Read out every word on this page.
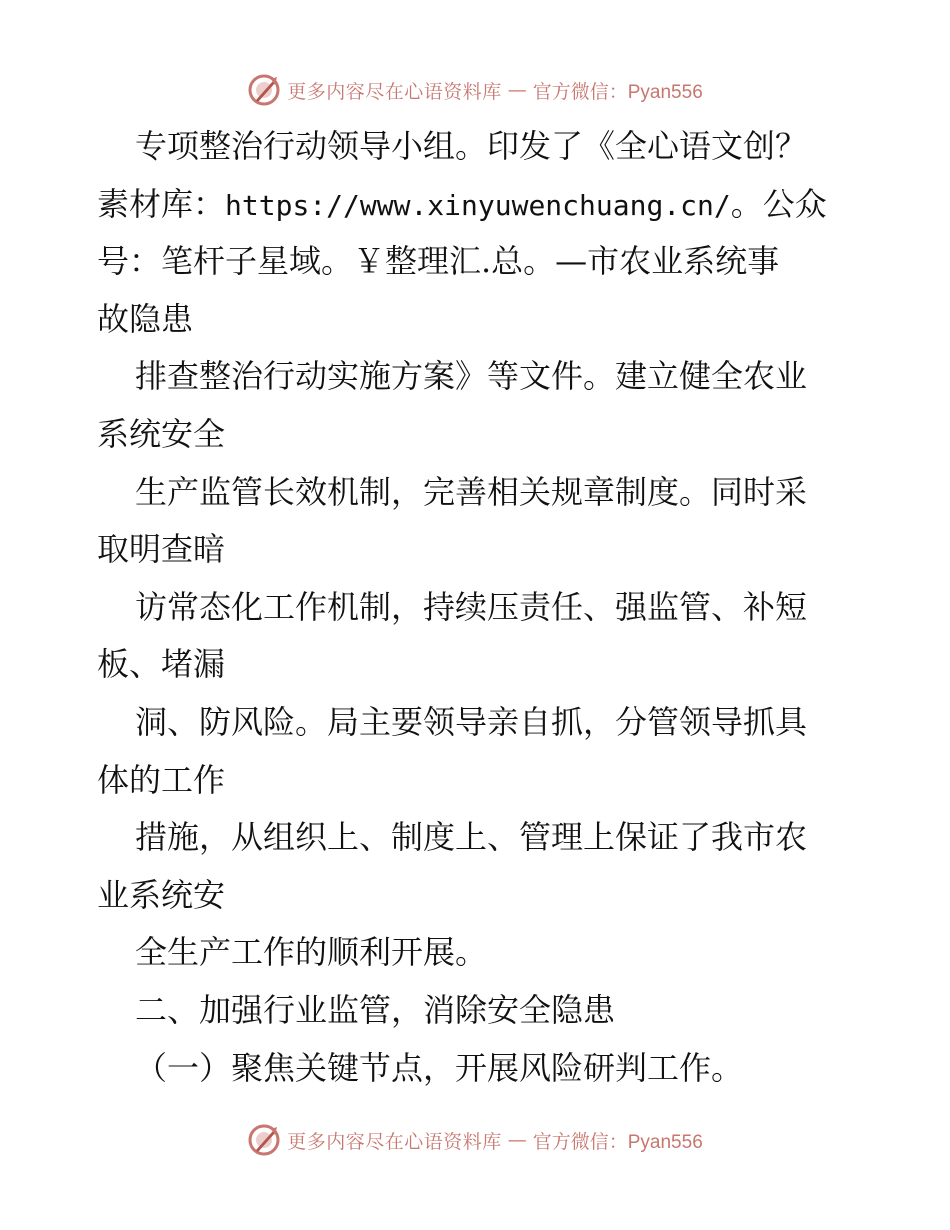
更多内容尽在心语资料库 — 官方微信：Pyan556
专项整治行动领导小组。印发了《全心语文创？
素材库：https://www.xinyuwenchuang.cn/。公众
号：笔杆子星域。￥整理汇.总。—市农业系统事
故隐患
排查整治行动实施方案》等文件。建立健全农业
系统安全
生产监管长效机制，完善相关规章制度。同时采
取明查暗
访常态化工作机制，持续压责任、强监管、补短
板、堵漏
洞、防风险。局主要领导亲自抓，分管领导抓具
体的工作
措施，从组织上、制度上、管理上保证了我市农
业系统安
全生产工作的顺利开展。
二、加强行业监管，消除安全隐患
（一）聚焦关键节点，开展风险研判工作。
更多内容尽在心语资料库 — 官方微信：Pyan556
